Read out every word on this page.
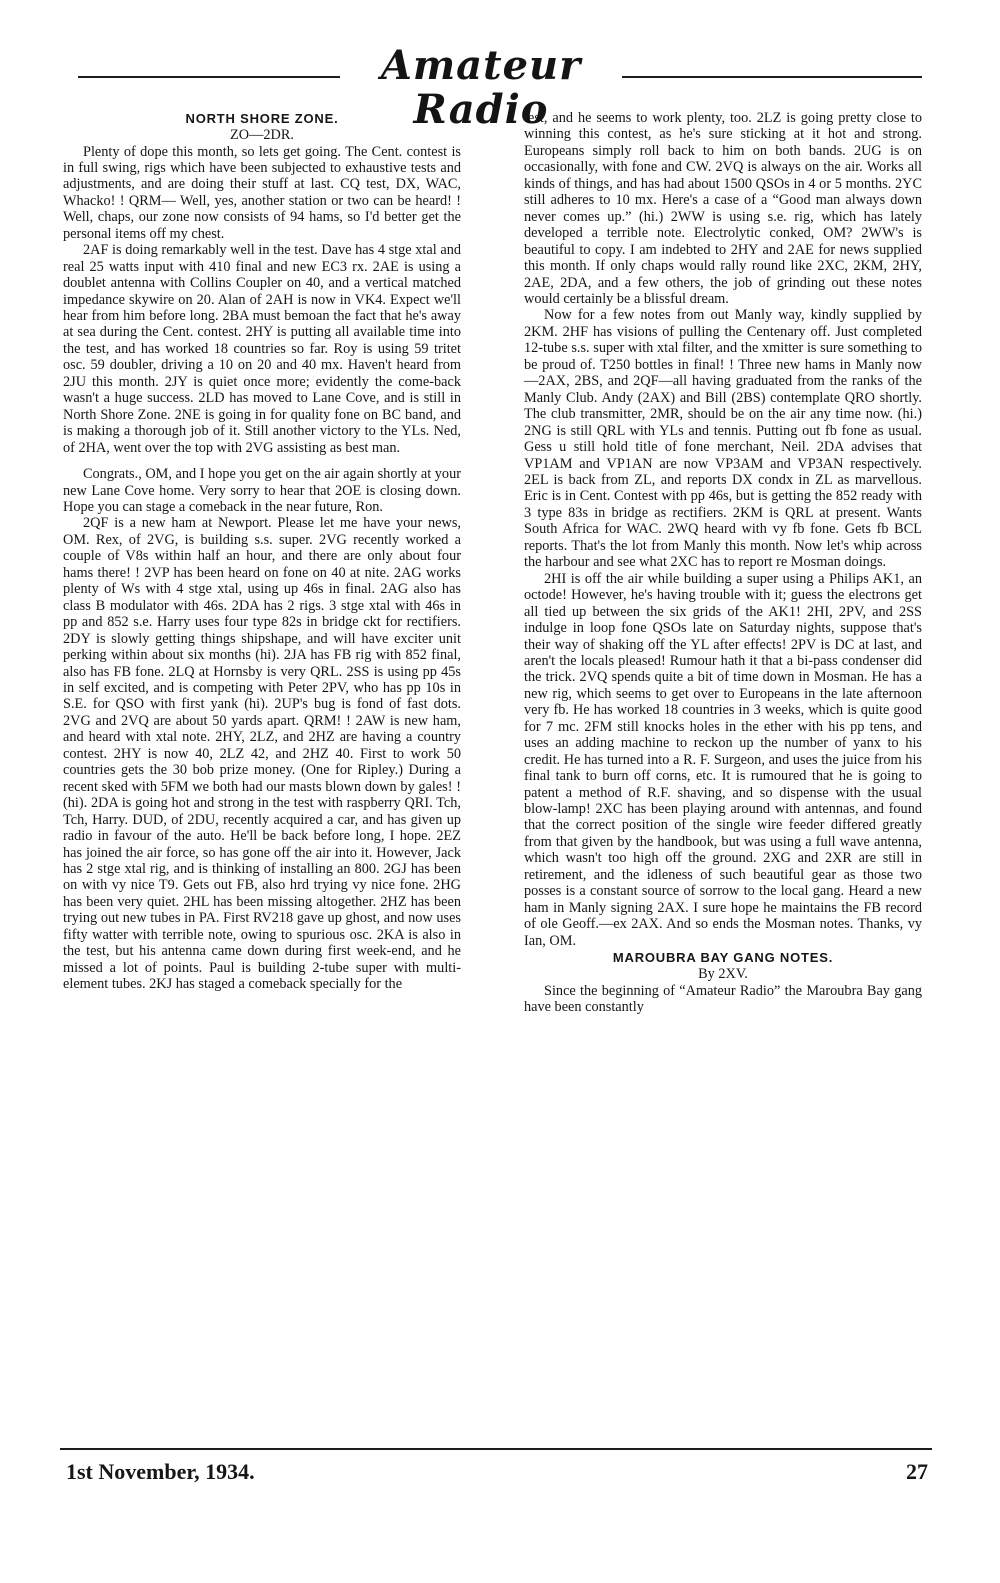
Amateur Radio
NORTH SHORE ZONE.
ZO—2DR.

Plenty of dope this month, so lets get going. The Cent. contest is in full swing, rigs which have been subjected to exhaustive tests and adjustments, and are doing their stuff at last. CQ test, DX, WAC, Whacko! ! QRM— Well, yes, another station or two can be heard! ! Well, chaps, our zone now consists of 94 hams, so I'd better get the personal items off my chest.

2AF is doing remarkably well in the test. Dave has 4 stge xtal and real 25 watts input with 410 final and new EC3 rx. 2AE is using a doublet antenna with Collins Coupler on 40, and a vertical matched impedance skywire on 20. Alan of 2AH is now in VK4. Expect we'll hear from him before long. 2BA must bemoan the fact that he's away at sea during the Cent. contest. 2HY is putting all available time into the test, and has worked 18 countries so far. Roy is using 59 tritet osc. 59 doubler, driving a 10 on 20 and 40 mx. Haven't heard from 2JU this month. 2JY is quiet once more; evidently the come-back wasn't a huge success. 2LD has moved to Lane Cove, and is still in North Shore Zone. 2NE is going in for quality fone on BC band, and is making a thorough job of it. Still another victory to the YLs. Ned, of 2HA, went over the top with 2VG assisting as best man.

Congrats., OM, and I hope you get on the air again shortly at your new Lane Cove home. Very sorry to hear that 2OE is closing down. Hope you can stage a comeback in the near future, Ron.

2QF is a new ham at Newport. Please let me have your news, OM. Rex, of 2VG, is building s.s. super. 2VG recently worked a couple of V8s within half an hour, and there are only about four hams there! ! 2VP has been heard on fone on 40 at nite. 2AG works plenty of Ws with 4 stge xtal, using up 46s in final. 2AG also has class B modulator with 46s. 2DA has 2 rigs. 3 stge xtal with 46s in pp and 852 s.e. Harry uses four type 82s in bridge ckt for rectifiers. 2DY is slowly getting things shipshape, and will have exciter unit perking within about six months (hi). 2JA has FB rig with 852 final, also has FB fone. 2LQ at Hornsby is very QRL. 2SS is using pp 45s in self excited, and is competing with Peter 2PV, who has pp 10s in S.E. for QSO with first yank (hi). 2UP's bug is fond of fast dots. 2VG and 2VQ are about 50 yards apart. QRM! ! 2AW is new ham, and heard with xtal note. 2HY, 2LZ, and 2HZ are having a country contest. 2HY is now 40, 2LZ 42, and 2HZ 40. First to work 50 countries gets the 30 bob prize money. (One for Ripley.) During a recent sked with 5FM we both had our masts blown down by gales! ! (hi). 2DA is going hot and strong in the test with raspberry QRI. Tch, Tch, Harry. DUD, of 2DU, recently acquired a car, and has given up radio in favour of the auto. He'll be back before long, I hope. 2EZ has joined the air force, so has gone off the air into it. However, Jack has 2 stge xtal rig, and is thinking of installing an 800. 2GJ has been on with vy nice T9. Gets out FB, also hrd trying vy nice fone. 2HG has been very quiet. 2HL has been missing altogether. 2HZ has been trying out new tubes in PA. First RV218 gave up ghost, and now uses fifty watter with terrible note, owing to spurious osc. 2KA is also in the test, but his antenna came down during first week-end, and he missed a lot of points. Paul is building 2-tube super with multi-element tubes. 2KJ has staged a comeback specially for the

test, and he seems to work plenty, too. 2LZ is going pretty close to winning this contest, as he's sure sticking at it hot and strong. Europeans simply roll back to him on both bands. 2UG is on occasionally, with fone and CW. 2VQ is always on the air. Works all kinds of things, and has had about 1500 QSOs in 4 or 5 months. 2YC still adheres to 10 mx. Here's a case of a “Good man always down never comes up.” (hi.) 2WW is using s.e. rig, which has lately developed a terrible note. Electrolytic conked, OM? 2WW's is beautiful to copy. I am indebted to 2HY and 2AE for news supplied this month. If only chaps would rally round like 2XC, 2KM, 2HY, 2AE, 2DA, and a few others, the job of grinding out these notes would certainly be a blissful dream.

Now for a few notes from out Manly way, kindly supplied by 2KM. 2HF has visions of pulling the Centenary off. Just completed 12-tube s.s. super with xtal filter, and the xmitter is sure something to be proud of. T250 bottles in final! ! Three new hams in Manly now—2AX, 2BS, and 2QF—all having graduated from the ranks of the Manly Club. Andy (2AX) and Bill (2BS) contemplate QRO shortly. The club transmitter, 2MR, should be on the air any time now. (hi.) 2NG is still QRL with YLs and tennis. Putting out fb fone as usual. Gess u still hold title of fone merchant, Neil. 2DA advises that VP1AM and VP1AN are now VP3AM and VP3AN respectively. 2EL is back from ZL, and reports DX condx in ZL as marvellous. Eric is in Cent. Contest with pp 46s, but is getting the 852 ready with 3 type 83s in bridge as rectifiers. 2KM is QRL at present. Wants South Africa for WAC. 2WQ heard with vy fb fone. Gets fb BCL reports. That's the lot from Manly this month. Now let's whip across the harbour and see what 2XC has to report re Mosman doings.

2HI is off the air while building a super using a Philips AK1, an octode! However, he's having trouble with it; guess the electrons get all tied up between the six grids of the AK1! 2HI, 2PV, and 2SS indulge in loop fone QSOs late on Saturday nights, suppose that's their way of shaking off the YL after effects! 2PV is DC at last, and aren't the locals pleased! Rumour hath it that a bi-pass condenser did the trick. 2VQ spends quite a bit of time down in Mosman. He has a new rig, which seems to get over to Europeans in the late afternoon very fb. He has worked 18 countries in 3 weeks, which is quite good for 7 mc. 2FM still knocks holes in the ether with his pp tens, and uses an adding machine to reckon up the number of yanx to his credit. He has turned into a R. F. Surgeon, and uses the juice from his final tank to burn off corns, etc. It is rumoured that he is going to patent a method of R.F. shaving, and so dispense with the usual blow-lamp! 2XC has been playing around with antennas, and found that the correct position of the single wire feeder differed greatly from that given by the handbook, but was using a full wave antenna, which wasn't too high off the ground. 2XG and 2XR are still in retirement, and the idleness of such beautiful gear as those two posses is a constant source of sorrow to the local gang. Heard a new ham in Manly signing 2AX. I sure hope he maintains the FB record of ole Geoff.—ex 2AX. And so ends the Mosman notes. Thanks, vy Ian, OM.

MAROUBRA BAY GANG NOTES.
By 2XV.

Since the beginning of “Amateur Radio” the Maroubra Bay gang have been constantly

1st November, 1934.	27
